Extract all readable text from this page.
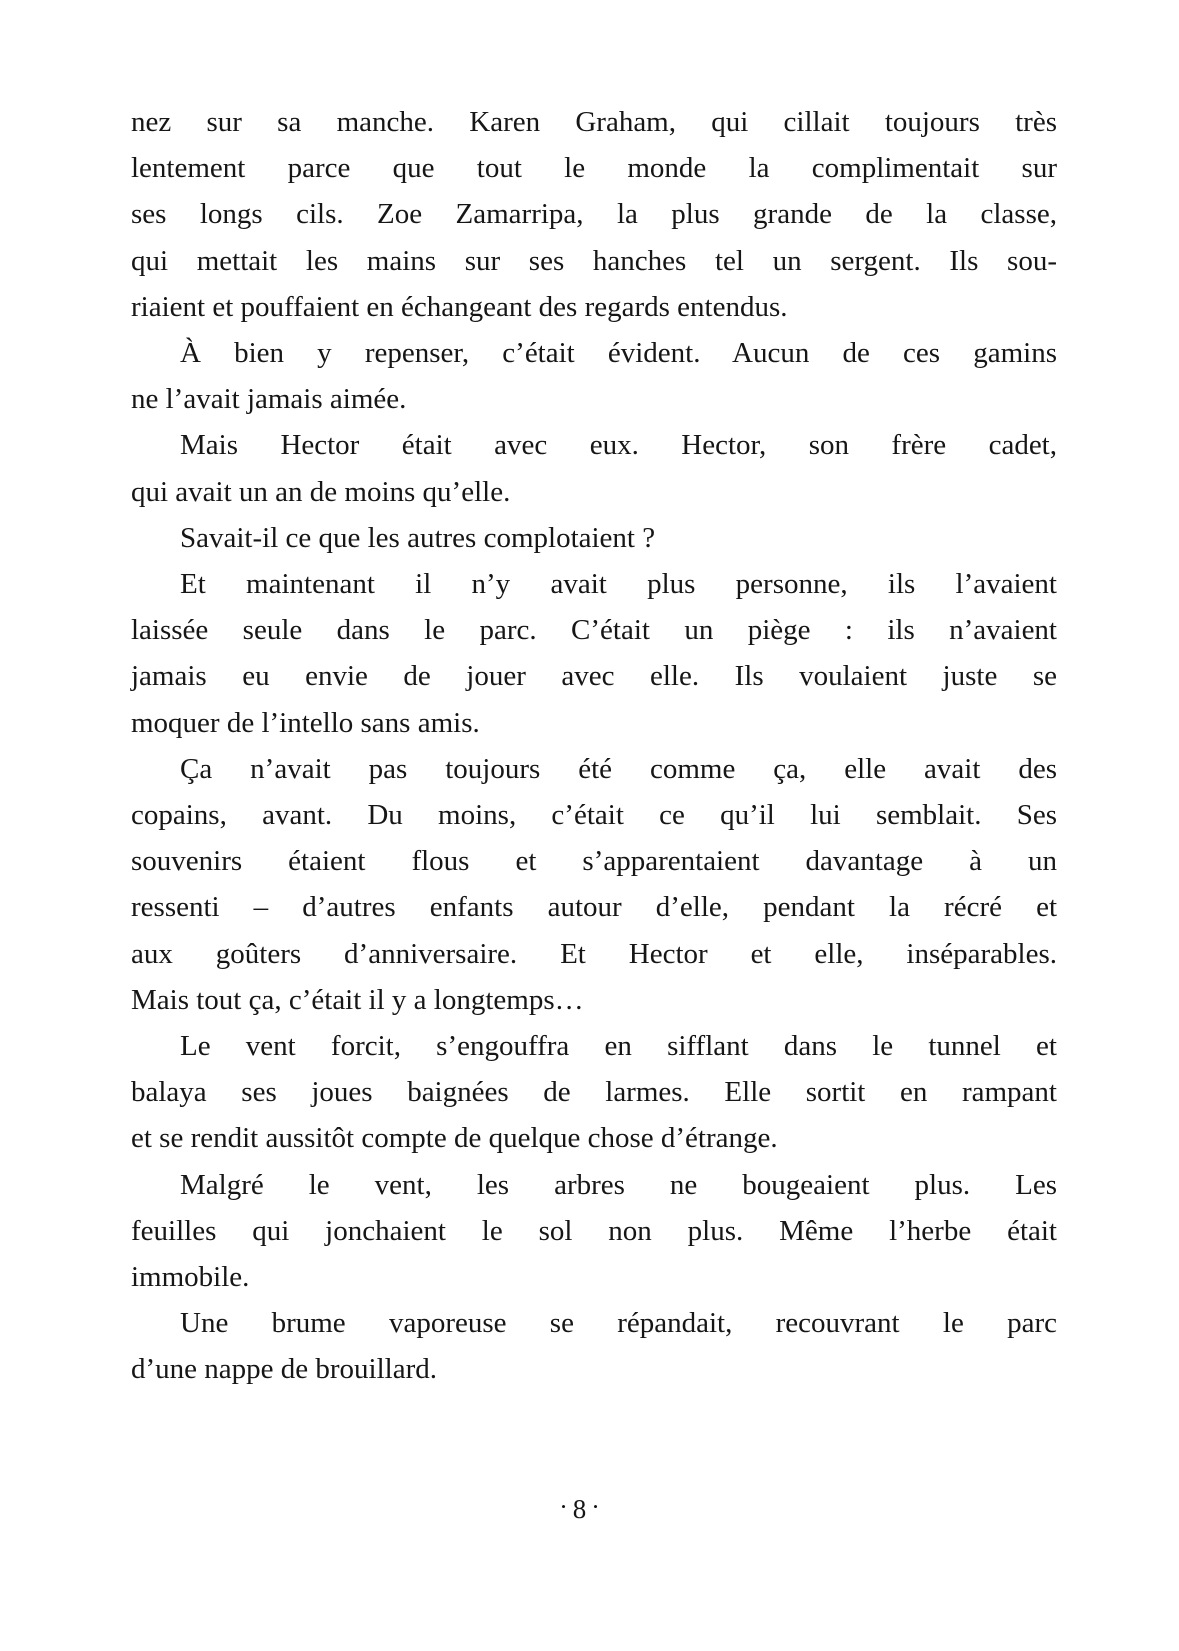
nez sur sa manche. Karen Graham, qui cillait toujours très
lentement parce que tout le monde la complimentait sur
ses longs cils. Zoe Zamarripa, la plus grande de la classe,
qui mettait les mains sur ses hanches tel un sergent. Ils sou-
riaient et pouffaient en échangeant des regards entendus.
À bien y repenser, c’était évident. Aucun de ces gamins
ne l’avait jamais aimée.
Mais Hector était avec eux. Hector, son frère cadet,
qui avait un an de moins qu’elle.
Savait-il ce que les autres complotaient ?
Et maintenant il n’y avait plus personne, ils l’avaient
laissée seule dans le parc. C’était un piège : ils n’avaient
jamais eu envie de jouer avec elle. Ils voulaient juste se
moquer de l’intello sans amis.
Ça n’avait pas toujours été comme ça, elle avait des
copains, avant. Du moins, c’était ce qu’il lui semblait. Ses
souvenirs étaient flous et s’apparentaient davantage à un
ressenti – d’autres enfants autour d’elle, pendant la récré et
aux goûters d’anniversaire. Et Hector et elle, inséparables.
Mais tout ça, c’était il y a longtemps…
Le vent forcit, s’engouffra en sifflant dans le tunnel et
balaya ses joues baignées de larmes. Elle sortit en rampant
et se rendit aussitôt compte de quelque chose d’étrange.
Malgré le vent, les arbres ne bougeaient plus. Les
feuilles qui jonchaient le sol non plus. Même l’herbe était
immobile.
Une brume vaporeuse se répandait, recouvrant le parc
d’une nappe de brouillard.
• 8 •
